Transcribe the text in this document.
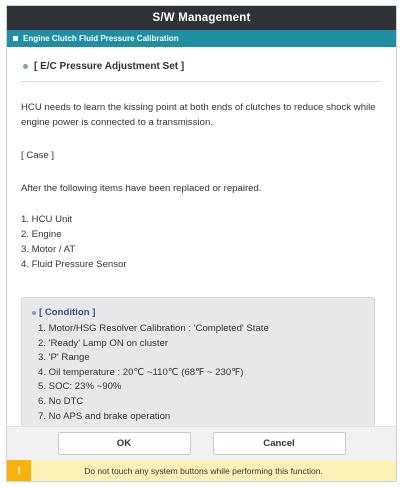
S/W Management
Engine Clutch Fluid Pressure Calibration
[ E/C Pressure Adjustment Set ]

HCU needs to learn the kissing point at both ends of clutches to reduce shock while engine power is connected to a transmission.

[ Case ]

After the following items have been replaced or repaired.

1. HCU Unit
2. Engine
3. Motor / AT
4. Fluid Pressure Sensor
[ Condition ]
1. Motor/HSG Resolver Calibration : 'Completed' State
2. 'Ready' Lamp ON on cluster
3. 'P' Range
4. Oil temperature : 20℃ ~110℃ (68℉ ~ 230℉)
5. SOC: 23% ~90%
6. No DTC
7. No APS and brake operation
OK	Cancel
!	Do not touch any system buttons while performing this function.
